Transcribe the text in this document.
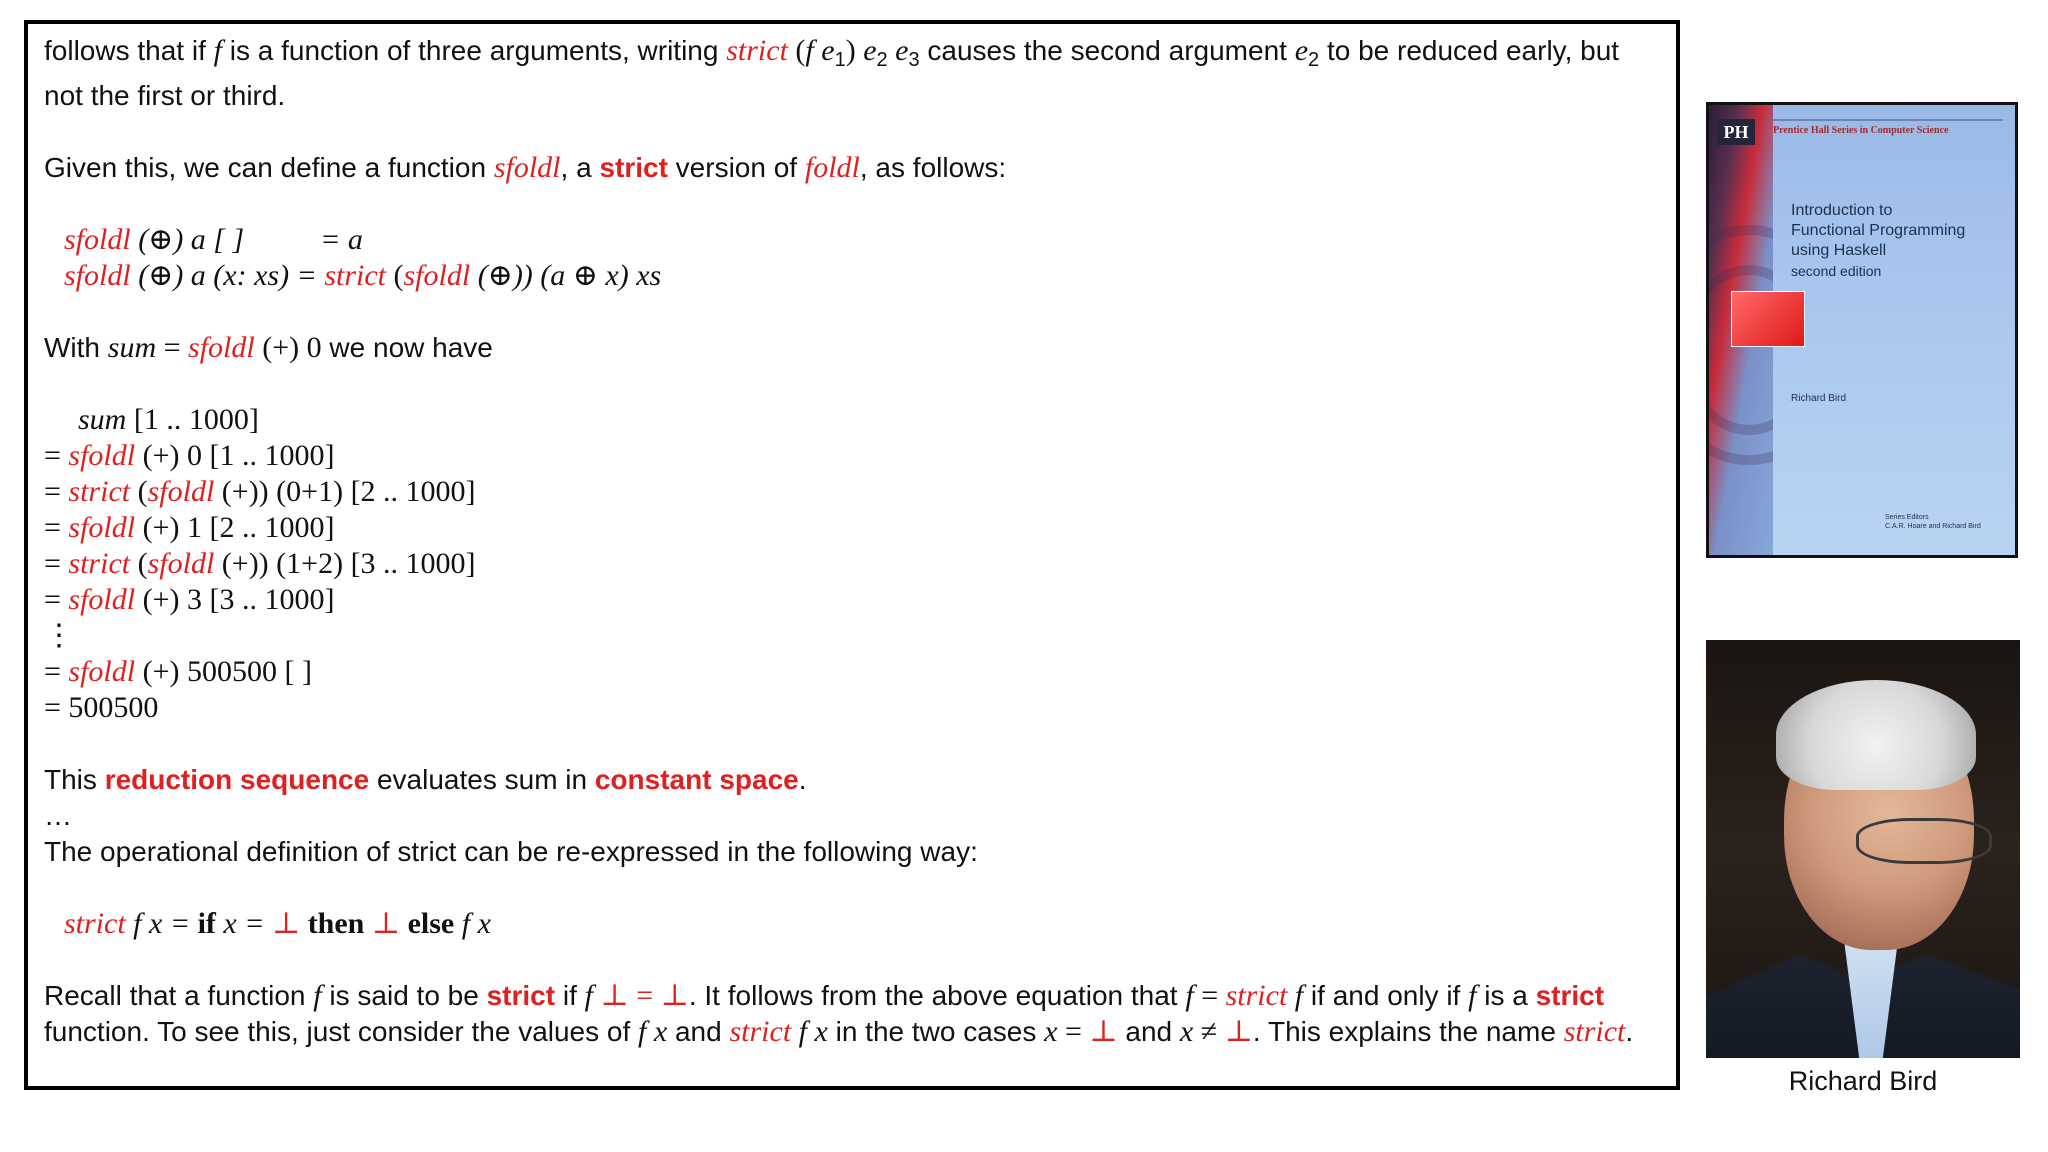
follows that if f is a function of three arguments, writing strict (f $e_1$) $e_2$ $e_3$ causes the second argument $e_2$ to be reduced early, but

not the first or third.

Given this, we can define a function sfoldl, a strict version of foldl, as follows:

sfoldl (⊕) a [ ]	= a

sfoldl (⊕) a (x: xs) = strict (sfoldl (⊕)) (a ⊕ x) xs

With sum = sfoldl (+) 0 we now have

sum [1 .. 1000]

= sfoldl (+) 0 [1 .. 1000]

= strict (sfoldl (+)) (0+1) [2 .. 1000]

= sfoldl (+) 1 [2 .. 1000]

= strict (sfoldl (+)) (1+2) [3 .. 1000]

= sfoldl (+) 3 [3 .. 1000]

⋮

= sfoldl (+) 500500 [ ]

= 500500

This reduction sequence evaluates sum in constant space.

…

The operational definition of strict can be re-expressed in the following way:

strict f x = if x = ⊥ then ⊥ else f x

Recall that a function f is said to be strict if f ⊥ = ⊥. It follows from the above equation that f = strict f if and only if f is a strict

function. To see this, just consider the values of f x and strict f x in the two cases x = ⊥ and x ≠ ⊥. This explains the name strict.

PH	Prentice Hall Series in Computer Science
Introduction to
Functional Programming
using Haskell
second edition
Richard Bird
Series Editors
C.A.R. Hoare and Richard Bird
Richard Bird
